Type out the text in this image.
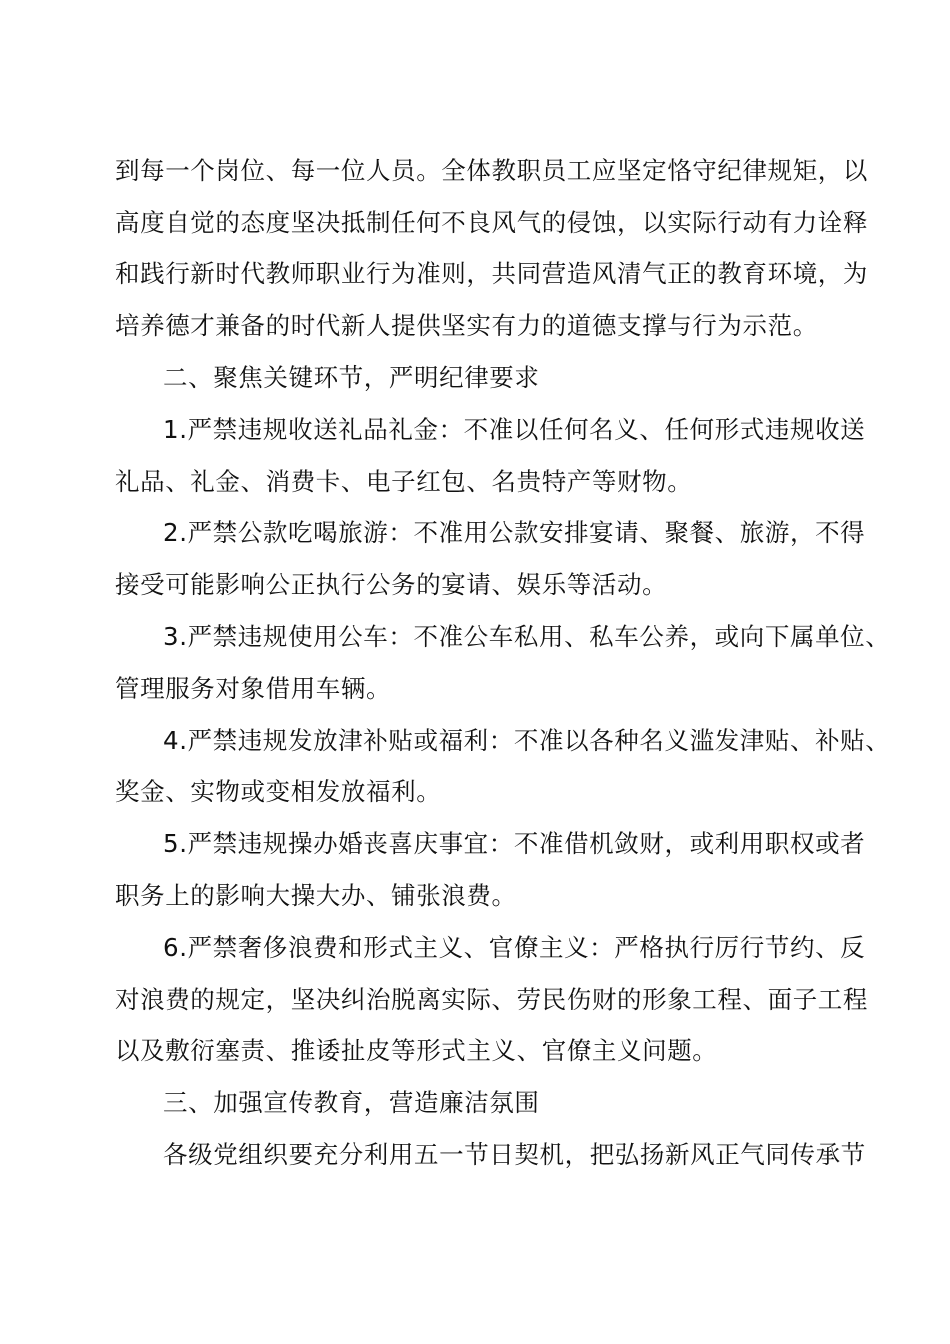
到每一个岗位、每一位人员。全体教职员工应坚定恪守纪律规矩，以
高度自觉的态度坚决抵制任何不良风气的侵蚀，以实际行动有力诠释
和践行新时代教师职业行为准则，共同营造风清气正的教育环境，为
培养德才兼备的时代新人提供坚实有力的道德支撑与行为示范。
二、聚焦关键环节，严明纪律要求
1.严禁违规收送礼品礼金：不准以任何名义、任何形式违规收送
礼品、礼金、消费卡、电子红包、名贵特产等财物。
2.严禁公款吃喝旅游：不准用公款安排宴请、聚餐、旅游，不得
接受可能影响公正执行公务的宴请、娱乐等活动。
3.严禁违规使用公车：不准公车私用、私车公养，或向下属单位、
管理服务对象借用车辆。
4.严禁违规发放津补贴或福利：不准以各种名义滥发津贴、补贴、
奖金、实物或变相发放福利。
5.严禁违规操办婚丧喜庆事宜：不准借机敛财，或利用职权或者
职务上的影响大操大办、铺张浪费。
6.严禁奢侈浪费和形式主义、官僚主义：严格执行厉行节约、反
对浪费的规定，坚决纠治脱离实际、劳民伤财的形象工程、面子工程
以及敷衍塞责、推诿扯皮等形式主义、官僚主义问题。
三、加强宣传教育，营造廉洁氛围
各级党组织要充分利用五一节日契机，把弘扬新风正气同传承节
